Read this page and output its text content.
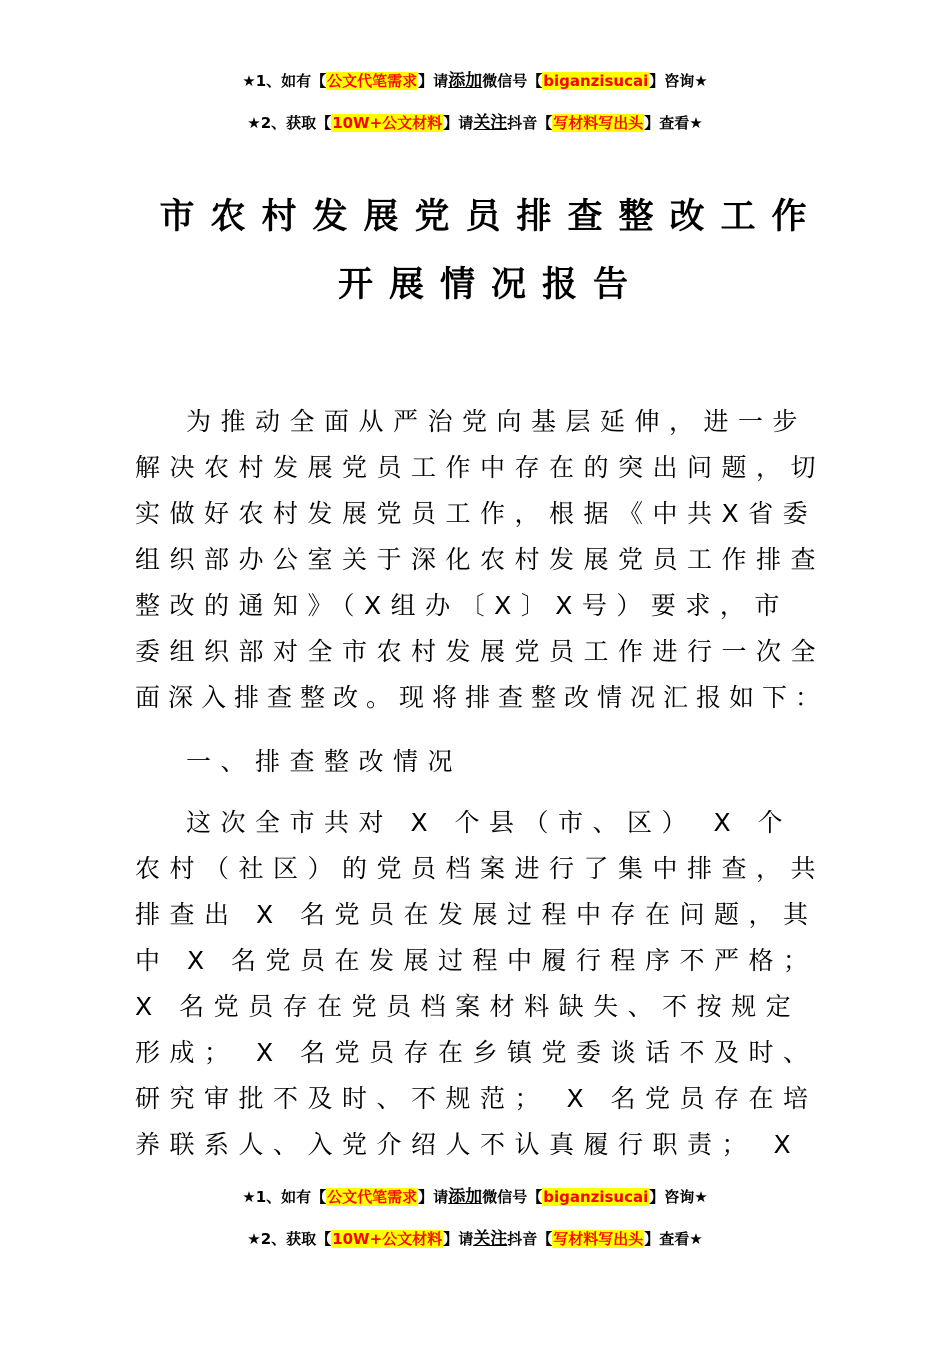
★1、如有【公文代笔需求】请添加微信号【biganzisucai】咨询★
★2、获取【10W+公文材料】请关注抖音【写材料写出头】查看★
市农村发展党员排查整改工作
开展情况报告
为推动全面从严治党向基层延伸，进一步
解决农村发展党员工作中存在的突出问题，切
实做好农村发展党员工作，根据《中共X省委
组织部办公室关于深化农村发展党员工作排查
整改的通知》（X组办〔X〕X号）要求，市
委组织部对全市农村发展党员工作进行一次全
面深入排查整改。现将排查整改情况汇报如下：
一、排查整改情况
这次全市共对 X 个县（市、区） X 个
农村（社区）的党员档案进行了集中排查，共
排查出 X 名党员在发展过程中存在问题，其
中 X 名党员在发展过程中履行程序不严格；
X 名党员存在党员档案材料缺失、不按规定
形成； X 名党员存在乡镇党委谈话不及时、
研究审批不及时、不规范； X 名党员存在培
养联系人、入党介绍人不认真履行职责； X
★1、如有【公文代笔需求】请添加微信号【biganzisucai】咨询★
★2、获取【10W+公文材料】请关注抖音【写材料写出头】查看★
